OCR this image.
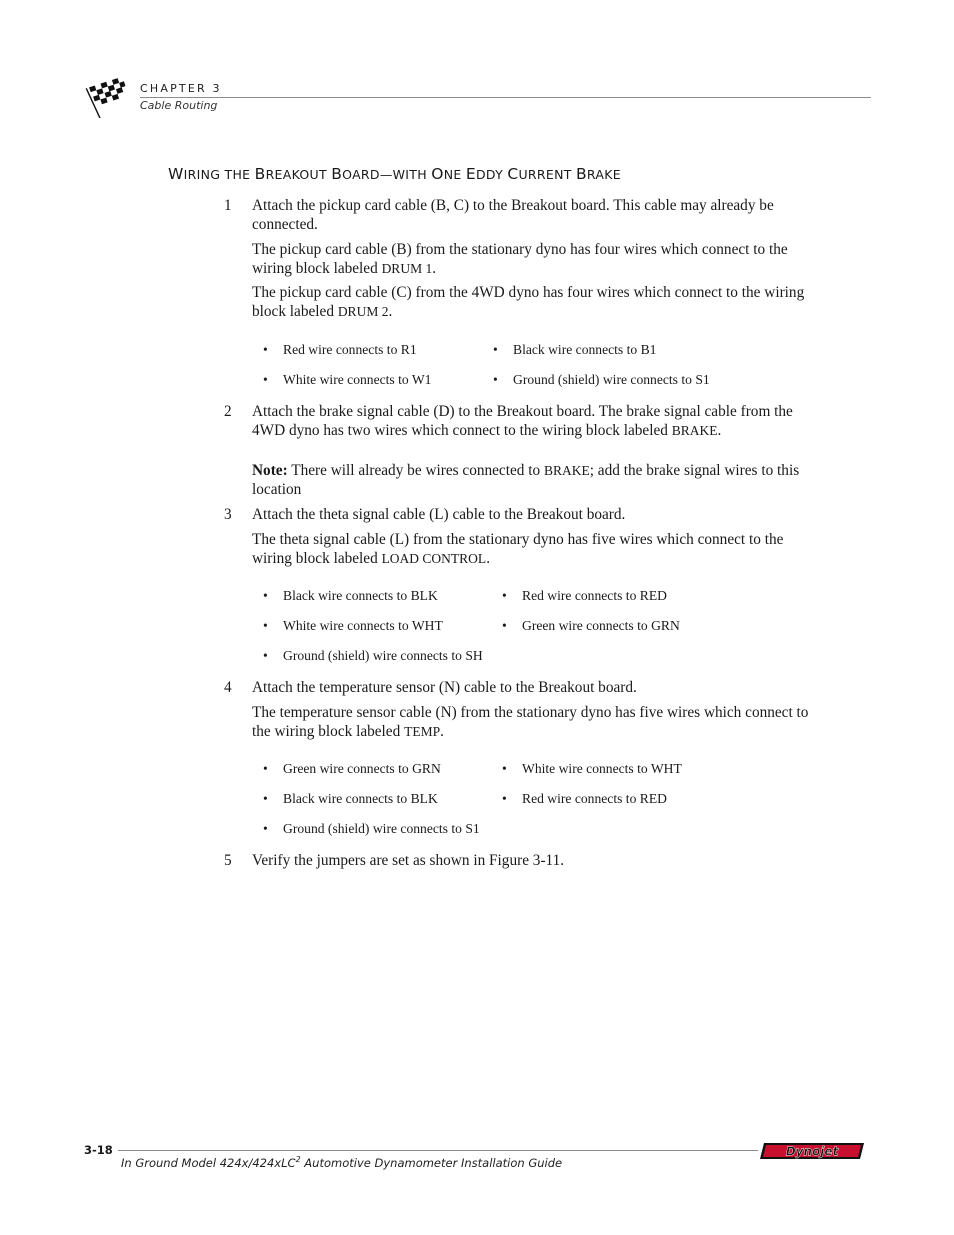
CHAPTER 3
Cable Routing
WIRING THE BREAKOUT BOARD—WITH ONE EDDY CURRENT BRAKE
1 Attach the pickup card cable (B, C) to the Breakout board. This cable may already be connected.
The pickup card cable (B) from the stationary dyno has four wires which connect to the wiring block labeled DRUM 1.
The pickup card cable (C) from the 4WD dyno has four wires which connect to the wiring block labeled DRUM 2.
• Red wire connects to R1	• Black wire connects to B1
• White wire connects to W1	• Ground (shield) wire connects to S1
2 Attach the brake signal cable (D) to the Breakout board. The brake signal cable from the 4WD dyno has two wires which connect to the wiring block labeled BRAKE.
Note: There will already be wires connected to BRAKE; add the brake signal wires to this location
3 Attach the theta signal cable (L) cable to the Breakout board.
The theta signal cable (L) from the stationary dyno has five wires which connect to the wiring block labeled LOAD CONTROL.
• Black wire connects to BLK	• Red wire connects to RED
• White wire connects to WHT	• Green wire connects to GRN
• Ground (shield) wire connects to SH
4 Attach the temperature sensor (N) cable to the Breakout board.
The temperature sensor cable (N) from the stationary dyno has five wires which connect to the wiring block labeled TEMP.
• Green wire connects to GRN	• White wire connects to WHT
• Black wire connects to BLK	• Red wire connects to RED
• Ground (shield) wire connects to S1
5 Verify the jumpers are set as shown in Figure 3-11.
3-18
In Ground Model 424x/424xLC$^2$ Automotive Dynamometer Installation Guide
Dynojet
